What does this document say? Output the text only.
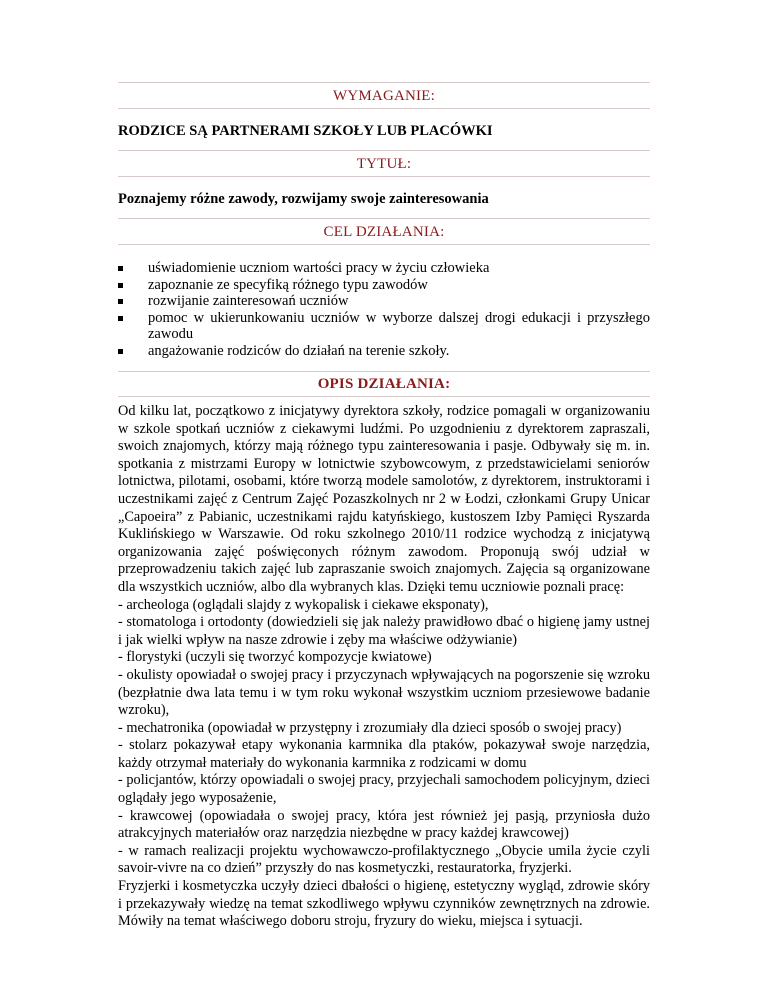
WYMAGANIE:
RODZICE SĄ PARTNERAMI SZKOŁY LUB PLACÓWKI
TYTUŁ:
Poznajemy różne zawody, rozwijamy swoje zainteresowania
CEL DZIAŁANIA:
uświadomienie uczniom wartości pracy w życiu człowieka
zapoznanie ze specyfiką różnego typu zawodów
rozwijanie zainteresowań uczniów
pomoc w ukierunkowaniu uczniów w wyborze dalszej drogi edukacji i przyszłego zawodu
angażowanie rodziców do działań na terenie szkoły.
OPIS DZIAŁANIA:
Od kilku lat, początkowo z inicjatywy dyrektora szkoły, rodzice pomagali w organizowaniu w szkole spotkań uczniów z ciekawymi ludźmi. Po uzgodnieniu z dyrektorem zapraszali, swoich znajomych, którzy mają różnego typu zainteresowania i pasje. Odbywały się m. in. spotkania z mistrzami Europy w lotnictwie szybowcowym, z przedstawicielami seniorów lotnictwa, pilotami, osobami, które tworzą modele samolotów, z dyrektorem, instruktorami i uczestnikami zajęć z Centrum Zajęć Pozaszkolnych nr 2 w Łodzi, członkami Grupy Unicar „Capoeira” z Pabianic, uczestnikami rajdu katyńskiego, kustoszem Izby Pamięci Ryszarda Kuklińskiego w Warszawie. Od roku szkolnego 2010/11 rodzice wychodzą z inicjatywą organizowania zajęć poświęconych różnym zawodom. Proponują swój udział w przeprowadzeniu takich zajęć lub zapraszanie swoich znajomych. Zajęcia są organizowane dla wszystkich uczniów, albo dla wybranych klas. Dzięki temu uczniowie poznali pracę:
- archeologa (oglądali slajdy z wykopalisk i ciekawe eksponaty),
- stomatologa i ortodonty (dowiedzieli się jak należy prawidłowo dbać o higienę jamy ustnej i jak wielki wpływ na nasze zdrowie i zęby ma właściwe odżywianie)
- florystyki (uczyli się tworzyć kompozycje kwiatowe)
- okulisty opowiadał o swojej pracy i przyczynach wpływających na pogorszenie się wzroku (bezpłatnie dwa lata temu i w tym roku wykonał wszystkim uczniom przesiewowe badanie wzroku),
- mechatronika (opowiadał w przystępny i zrozumiały dla dzieci sposób o swojej pracy)
- stolarz pokazywał etapy wykonania karmnika dla ptaków, pokazywał swoje narzędzia, każdy otrzymał materiały do wykonania karmnika z rodzicami w domu
- policjantów, którzy opowiadali o swojej pracy, przyjechali samochodem policyjnym, dzieci oglądały jego wyposażenie,
- krawcowej (opowiadała o swojej pracy, która jest również jej pasją, przyniosła dużo atrakcyjnych materiałów oraz narzędzia niezbędne w pracy każdej krawcowej)
- w ramach realizacji projektu wychowawczo-profilaktycznego „Obycie umila życie czyli savoir-vivre na co dzień” przyszły do nas kosmetyczki, restauratorka, fryzjerki.
Fryzjerki i kosmetyczka uczyły dzieci dbałości o higienę, estetyczny wygląd, zdrowie skóry i przekazywały wiedzę na temat szkodliwego wpływu czynników zewnętrznych na zdrowie. Mówiły na temat właściwego doboru stroju, fryzury do wieku, miejsca i sytuacji.
